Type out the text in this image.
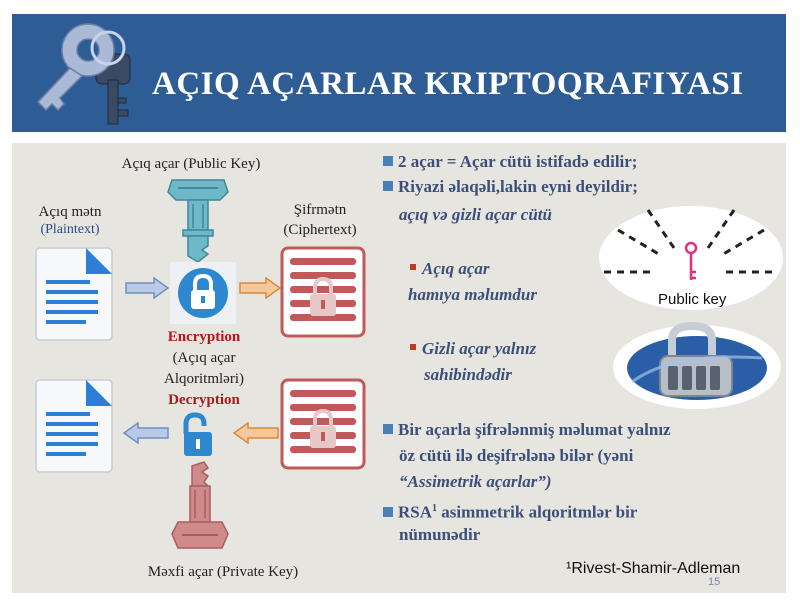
AÇIQ AÇARLAR KRIPTOQRAFIYASI
Açıq açar (Public Key)
Açıq mətn
(Plaintext)
Şifrmətn
(Ciphertext)
Encryption
(Açıq açar
Alqoritmləri)
Decryption
Məxfi açar (Private Key)
2 açar = Açar cütü istifadə edilir;
Riyazi əlaqəli,lakin eyni deyildir;
açıq və gizli açar cütü
Açıq açar
hamıya məlumdur
Gizli açar yalnız
sahibindədir
Public key
Bir açarla şifrələnmiş məlumat yalnız
öz cütü ilə deşifrələnə bilər (yəni
“Assimetrik açarlar”)
RSA$^1$ asimmetrik alqoritmlər bir
nümunədir
¹Rivest-Shamir-Adleman
15
